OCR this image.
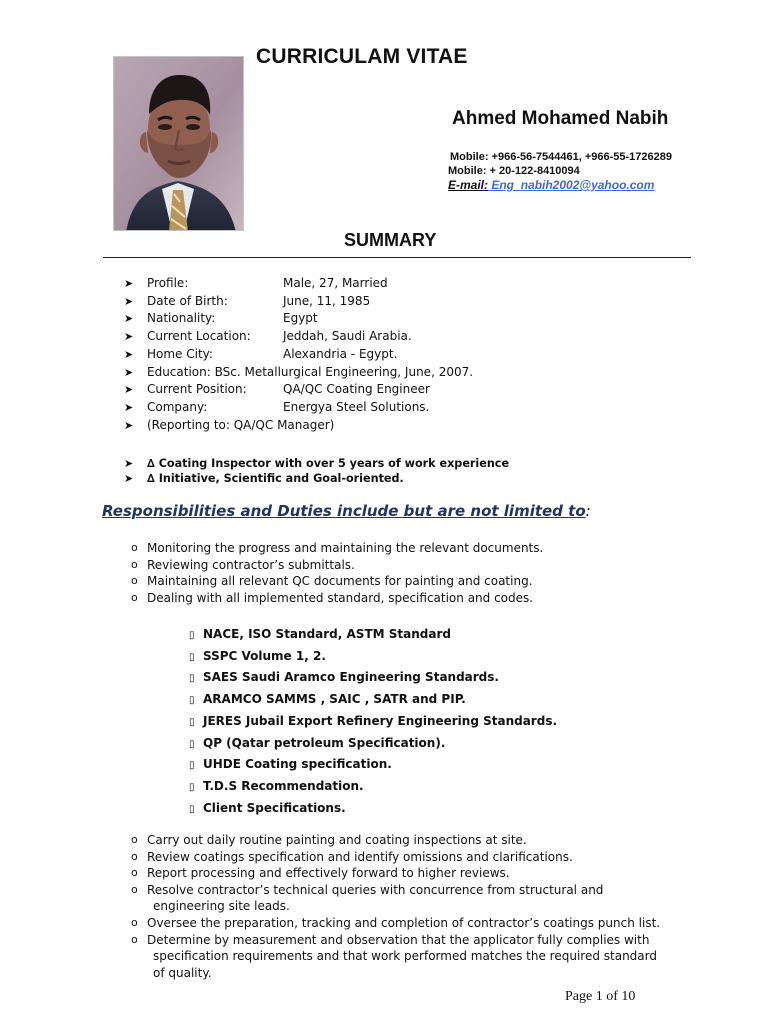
CURRICULAM VITAE
Ahmed Mohamed Nabih
Mobile: +966-56-7544461, +966-55-1726289
Mobile: + 20-122-8410094
E-mail: Eng_nabih2002@yahoo.com
SUMMARY
➤ Profile:	Male, 27, Married
➤ Date of Birth:	June, 11, 1985
➤ Nationality:	Egypt
➤ Current Location:	Jeddah, Saudi Arabia.
➤ Home City:	Alexandria - Egypt.
➤ Education: BSc. Metallurgical Engineering, June, 2007.
➤ Current Position:	QA/QC Coating Engineer
➤ Company:	Energya Steel Solutions.
➤ (Reporting to: QA/QC Manager)
➤ ∆ Coating Inspector with over 5 years of work experience
➤ ∆ Initiative, Scientific and Goal-oriented.
Responsibilities and Duties include but are not limited to:
o Monitoring the progress and maintaining the relevant documents.
o Reviewing contractor’s submittals.
o Maintaining all relevant QC documents for painting and coating.
o Dealing with all implemented standard, specification and codes.
▯ NACE, ISO Standard, ASTM Standard
▯ SSPC Volume 1, 2.
▯ SAES Saudi Aramco Engineering Standards.
▯ ARAMCO SAMMS , SAIC , SATR and PIP.
▯ JERES Jubail Export Refinery Engineering Standards.
▯ QP (Qatar petroleum Specification).
▯ UHDE Coating specification.
▯ T.D.S Recommendation.
▯ Client Specifications.
o Carry out daily routine painting and coating inspections at site.
o Review coatings specification and identify omissions and clarifications.
o Report processing and effectively forward to higher reviews.
o Resolve contractor’s technical queries with concurrence from structural and
engineering site leads.
o Oversee the preparation, tracking and completion of contractor’s coatings punch list.
o Determine by measurement and observation that the applicator fully complies with
specification requirements and that work performed matches the required standard
of quality.
Page 1 of 10
